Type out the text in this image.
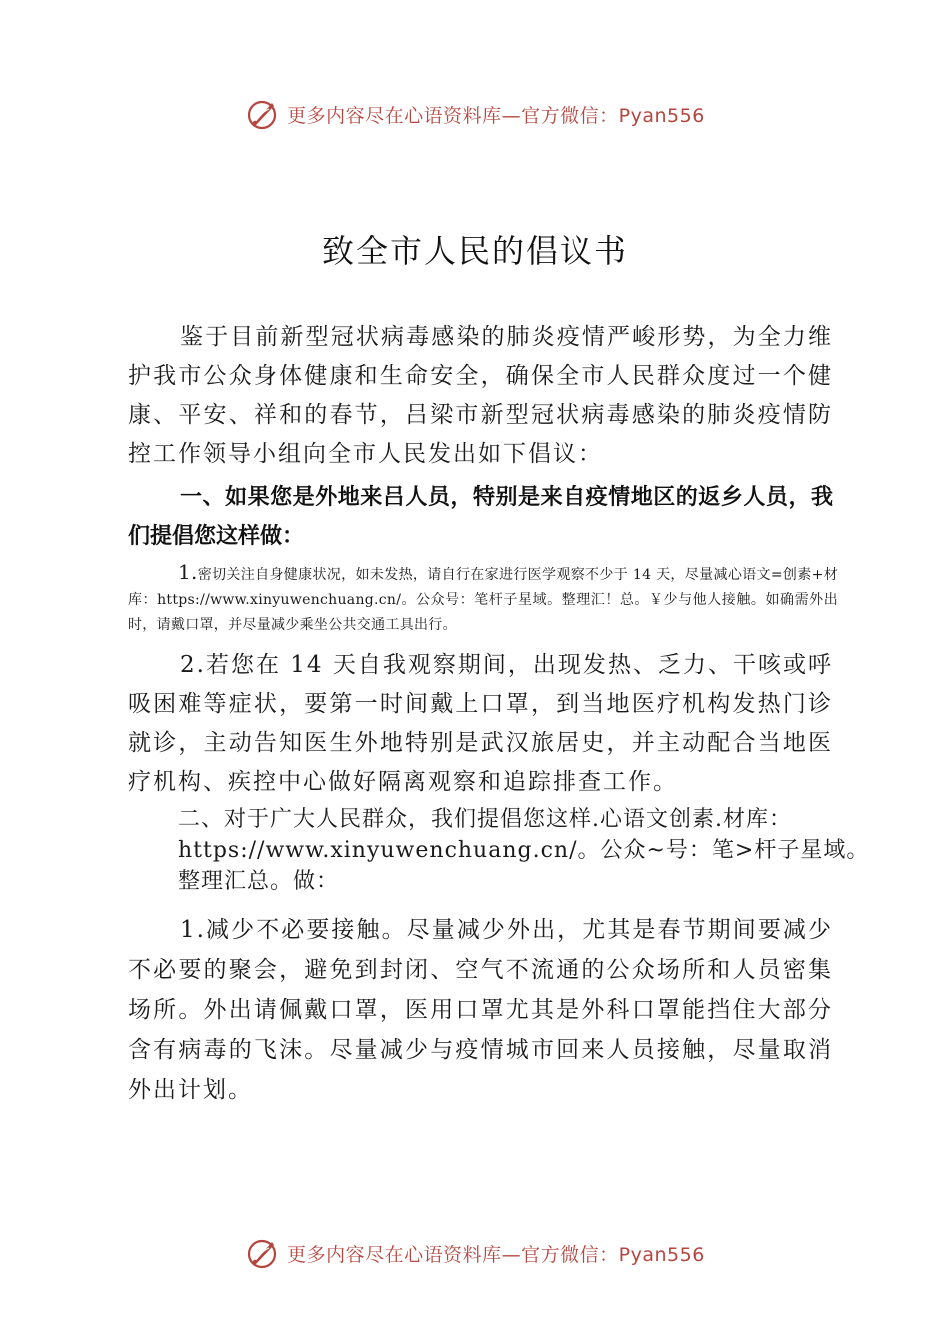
更多内容尽在心语资料库—官方微信：Pyan556
致全市人民的倡议书

鉴于目前新型冠状病毒感染的肺炎疫情严峻形势，为全力维护我市公众身体健康和生命安全，确保全市人民群众度过一个健康、平安、祥和的春节，吕梁市新型冠状病毒感染的肺炎疫情防控工作领导小组向全市人民发出如下倡议：

一、如果您是外地来吕人员，特别是来自疫情地区的返乡人员，我们提倡您这样做：

1.密切关注自身健康状况，如未发热，请自行在家进行医学观察不少于 14 天，尽量减心语文=创素+材库：https://www.xinyuwenchuang.cn/。公众号：笔杆子星域。整理汇！总。￥少与他人接触。如确需外出时，请戴口罩，并尽量减少乘坐公共交通工具出行。

2.若您在 14 天自我观察期间，出现发热、乏力、干咳或呼吸困难等症状，要第一时间戴上口罩，到当地医疗机构发热门诊就诊，主动告知医生外地特别是武汉旅居史，并主动配合当地医疗机构、疾控中心做好隔离观察和追踪排查工作。

二、对于广大人民群众，我们提倡您这样.心语文创素.材库：
https://www.xinyuwenchuang.cn/。公众~号：笔>杆子星域。
整理汇总。做：

1.减少不必要接触。尽量减少外出，尤其是春节期间要减少不必要的聚会，避免到封闭、空气不流通的公众场所和人员密集场所。外出请佩戴口罩，医用口罩尤其是外科口罩能挡住大部分含有病毒的飞沫。尽量减少与疫情城市回来人员接触，尽量取消外出计划。

更多内容尽在心语资料库—官方微信：Pyan556
